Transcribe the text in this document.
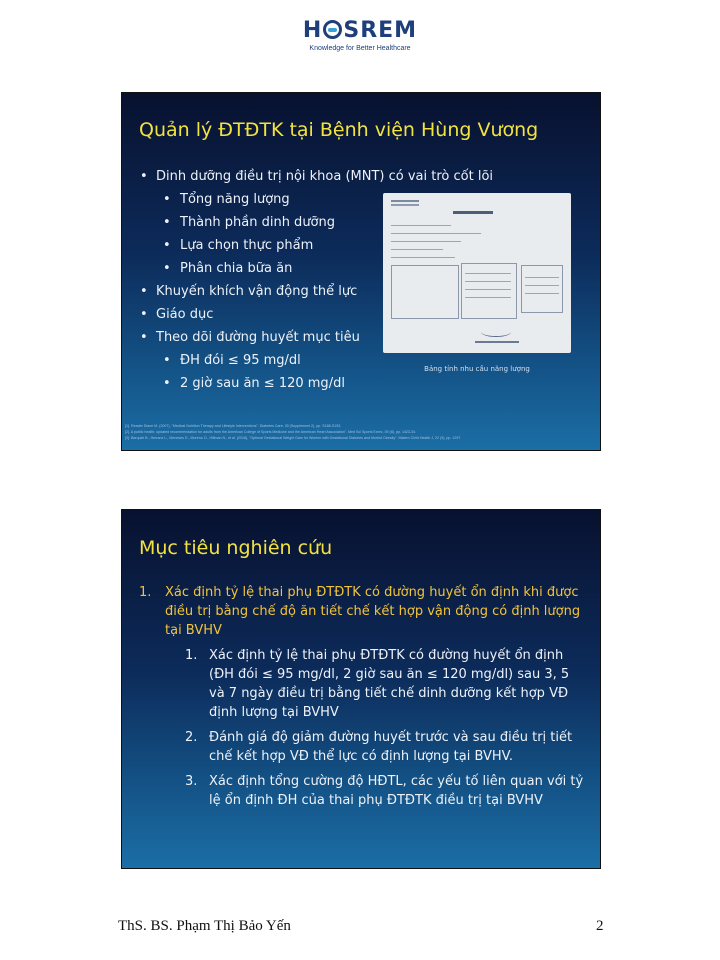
H SREM
Knowledge for Better Healthcare
Quản lý ĐTĐTK tại Bệnh viện Hùng Vương
• Dinh dưỡng điều trị nội khoa (MNT) có vai trò cốt lõi
• Tổng năng lượng
• Thành phần dinh dưỡng
• Lựa chọn thực phẩm
• Phân chia bữa ăn
• Khuyến khích vận động thể lực
• Giáo dục
• Theo dõi đường huyết mục tiêu
• ĐH đói ≤ 95 mg/dl
• 2 giờ sau ăn ≤ 120 mg/dl
Bảng tính nhu cầu năng lượng
[1]. Reader Diane M. (2007), "Medical Nutrition Therapy and Lifestyle Interventions". Diabetes Care, 30 (Supplement 2), pp. S188-S193.
[2]. A public health: updated recommendation for adults from the American College of Sports Medicine and the American Heart Association". Med Sci Sports Exerc, 39 (8), pp. 1423-34.
[3]. Barquiel B., Herranz L., Meneses D., Moreno O., Hillman N., et al. (2018), "Optimal Gestational Weight Gain for Women with Gestational Diabetes and Morbid Obesity". Matern Child Health J, 22 (9), pp. 1297
Mục tiêu nghiên cứu
1. Xác định tỷ lệ thai phụ ĐTĐTK có đường huyết ổn định khi được điều trị bằng chế độ ăn tiết chế kết hợp vận động có định lượng tại BVHV
1. Xác định tỷ lệ thai phụ ĐTĐTK có đường huyết ổn định (ĐH đói ≤ 95 mg/dl, 2 giờ sau ăn ≤ 120 mg/dl) sau 3, 5 và 7 ngày điều trị bằng tiết chế dinh dưỡng kết hợp VĐ định lượng tại BVHV
2. Đánh giá độ giảm đường huyết trước và sau điều trị tiết chế kết hợp VĐ thể lực có định lượng tại BVHV.
3. Xác định tổng cường độ HĐTL, các yếu tố liên quan với tỷ lệ ổn định ĐH của thai phụ ĐTĐTK điều trị tại BVHV
ThS. BS. Phạm Thị Bảo Yến	2
